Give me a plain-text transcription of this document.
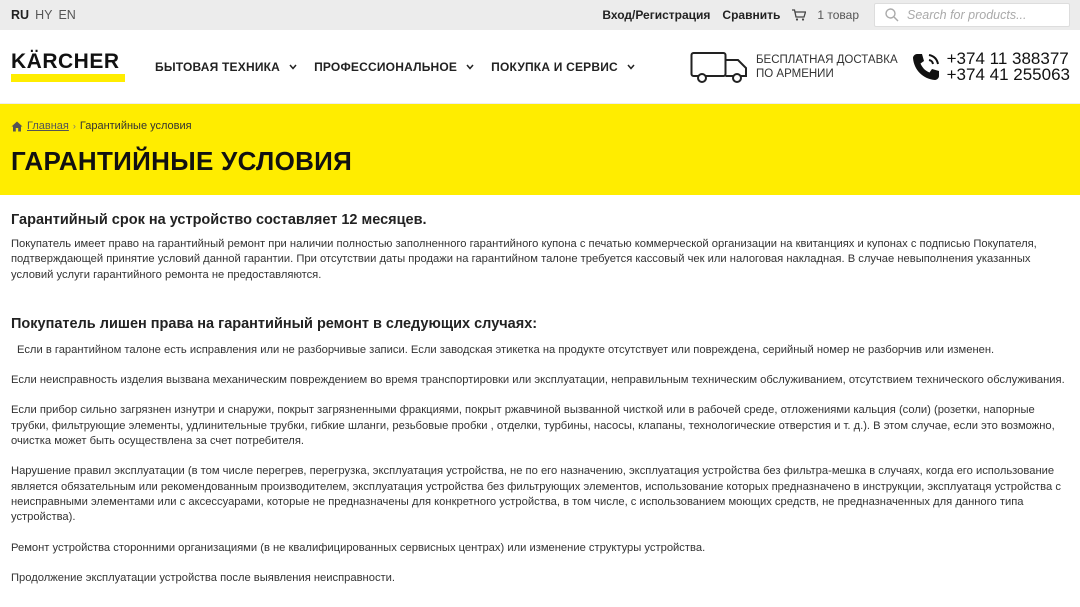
RU HY EN	Вход/Регистрация Сравнить	1 товар
Search for products...
KÄRCHER	БЫТОВАЯ ТЕХНИКА	ПРОФЕССИОНАЛЬНОЕ	ПОКУПКА И СЕРВИС	БЕСПЛАТНАЯ ДОСТАВКА
ПО АРМЕНИИ
+374 11 388377
+374 41 255063
Главная › Гарантийные условия
ГАРАНТИЙНЫЕ УСЛОВИЯ
Гарантийный срок на устройство составляет 12 месяцев.

Покупатель имеет право на гарантийный ремонт при наличии полностью заполненного гарантийного купона с печатью коммерческой организации на квитанциях и купонах с подписью Покупателя, подтверждающей принятие условий данной гарантии. При отсутствии даты продажи на гарантийном талоне требуется кассовый чек или налоговая накладная. В случае невыполнения указанных условий услуги гарантийного ремонта не предоставляются.

Покупатель лишен права на гарантийный ремонт в следующих случаях:

Если в гарантийном талоне есть исправления или не разборчивые записи. Если заводская этикетка на продукте отсутствует или повреждена, серийный номер не разборчив или изменен.

Если неисправность изделия вызвана механическим повреждением во время транспортировки или эксплуатации, неправильным техническим обслуживанием, отсутствием технического обслуживания.

Если прибор сильно загрязнен изнутри и снаружи, покрыт загрязненными фракциями, покрыт ржавчиной вызванной чисткой или в рабочей среде, отложениями кальция (соли) (розетки, напорные трубки, фильтрующие элементы, удлинительные трубки, гибкие шланги, резьбовые пробки , отделки, турбины, насосы, клапаны, технологические отверстия и т. д.). В этом случае, если это возможно, очистка может быть осуществлена за счет потребителя.

Нарушение правил эксплуатации (в том числе перегрев, перегрузка, эксплуатация устройства, не по его назначению, эксплуатация устройства без фильтра-мешка в случаях, когда его использование является обязательным или рекомендованным производителем, эксплуатация устройства без фильтрующих элементов, использование которых предназначено в инструкции, эксплуатаця устройства с неисправными элементами или с аксессуарами, которые не предназначены для конкретного устройства, в том числе, с использованием моющих средств, не предназначенных для данного типа устройства).

Ремонт устройства сторонними организациями (в не квалифицированных сервисных центрах) или изменение структуры устройства.

Продолжение эксплуатации устройства после выявления неисправности.
